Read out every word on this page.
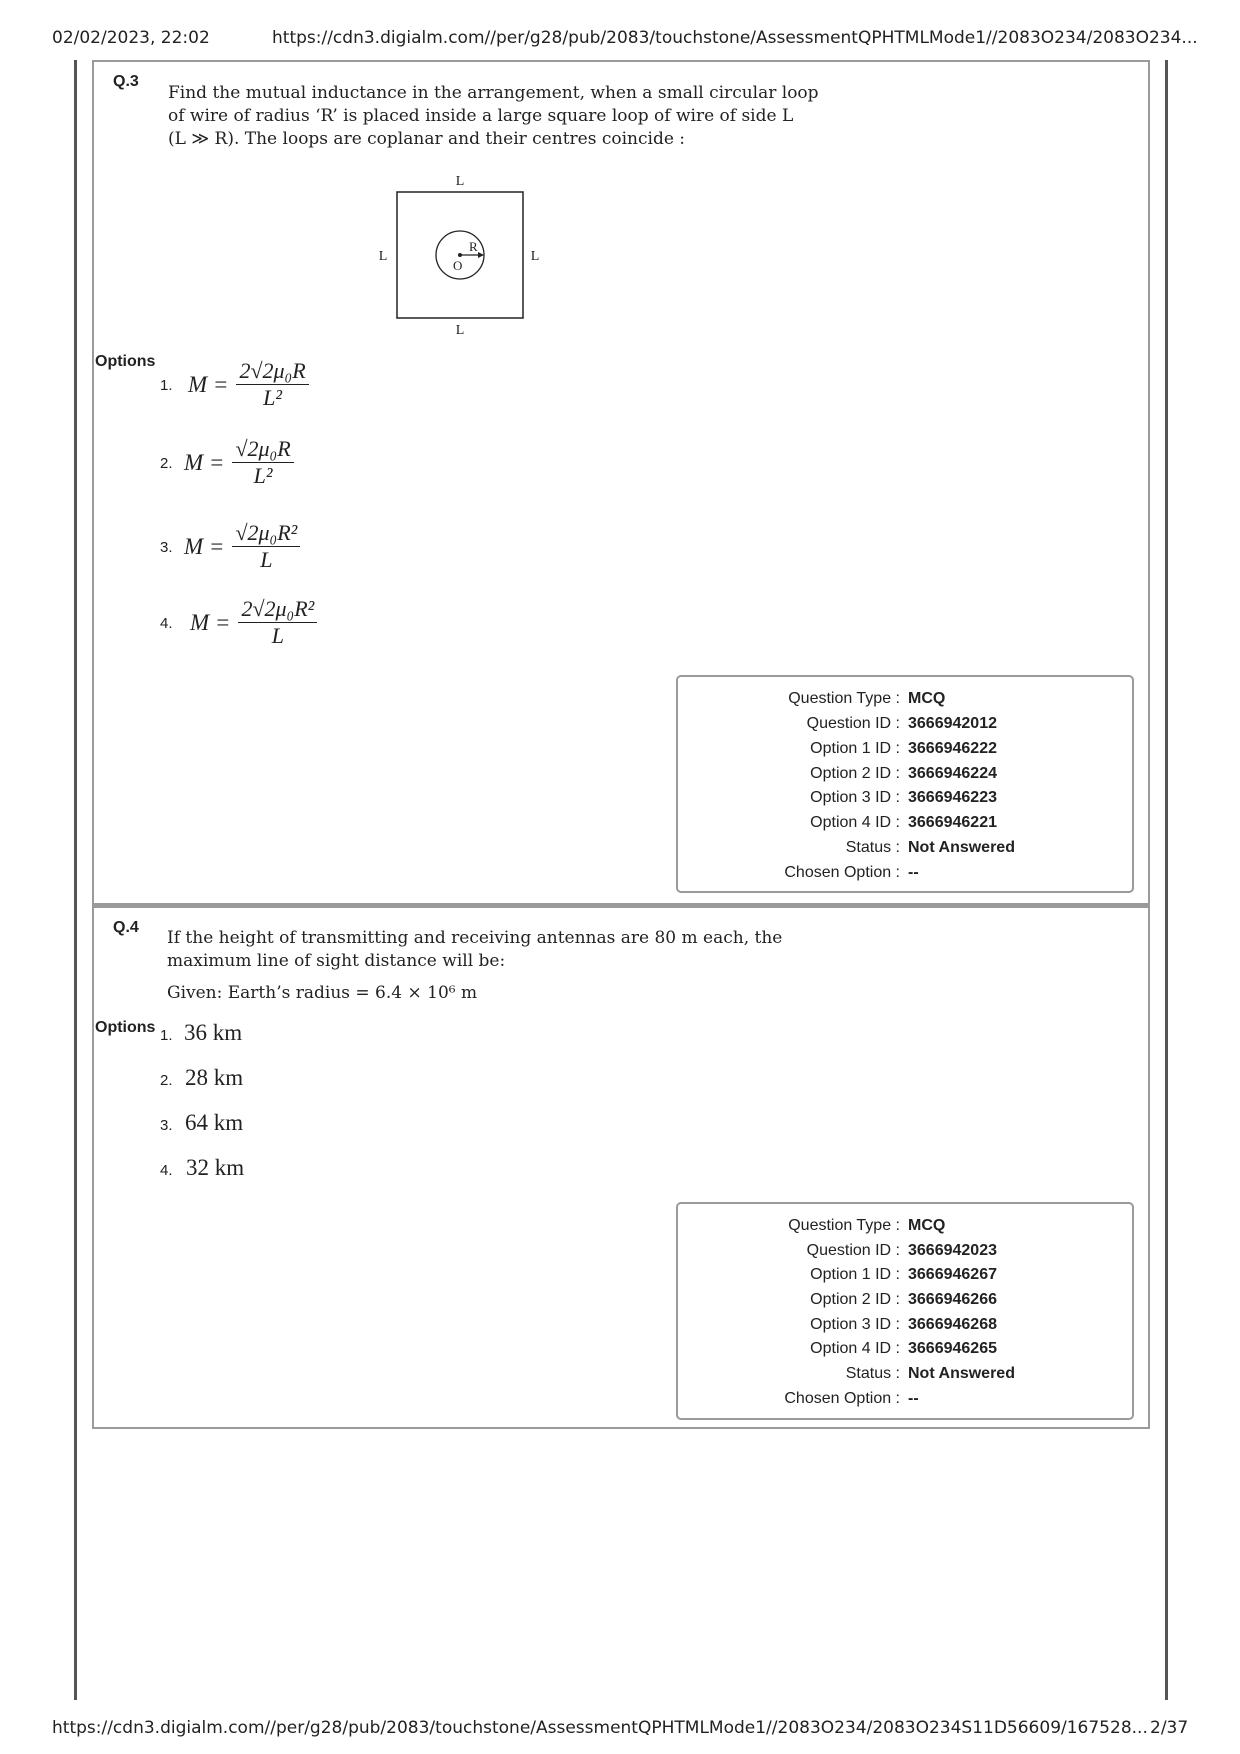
02/02/2023, 22:02	https://cdn3.digialm.com//per/g28/pub/2083/touchstone/AssessmentQPHTMLMode1//2083O234/2083O234...
Q.3
Find the mutual inductance in the arrangement, when a small circular loop
of wire of radius ‘R’ is placed inside a large square loop of wire of side L
(L ≫ R). The loops are coplanar and their centres coincide :
L
L
L	L
R
O
Options
1. $M = \frac{\text{2√2μ₀R}}{\text{L²}}$
2. $M = \frac{\text{√2μ₀R}}{\text{L²}}$
3. $M = \frac{\text{√2μ₀R²}}{L}$
4. $M = \frac{\text{2√2μ₀R²}}{L}$
Question Type : MCQ
Question ID : 3666942012
Option 1 ID : 3666946222
Option 2 ID : 3666946224
Option 3 ID : 3666946223
Option 4 ID : 3666946221
Status : Not Answered
Chosen Option : --
Q.4
If the height of transmitting and receiving antennas are 80 m each, the
maximum line of sight distance will be:
Given: Earth’s radius = 6.4 × 10⁶ m
Options 1. 36 km
2. 28 km
3. 64 km
4. 32 km
Question Type : MCQ
Question ID : 3666942023
Option 1 ID : 3666946267
Option 2 ID : 3666946266
Option 3 ID : 3666946268
Option 4 ID : 3666946265
Status : Not Answered
Chosen Option : --
https://cdn3.digialm.com//per/g28/pub/2083/touchstone/AssessmentQPHTMLMode1//2083O234/2083O234S11D56609/167528... 2/37
